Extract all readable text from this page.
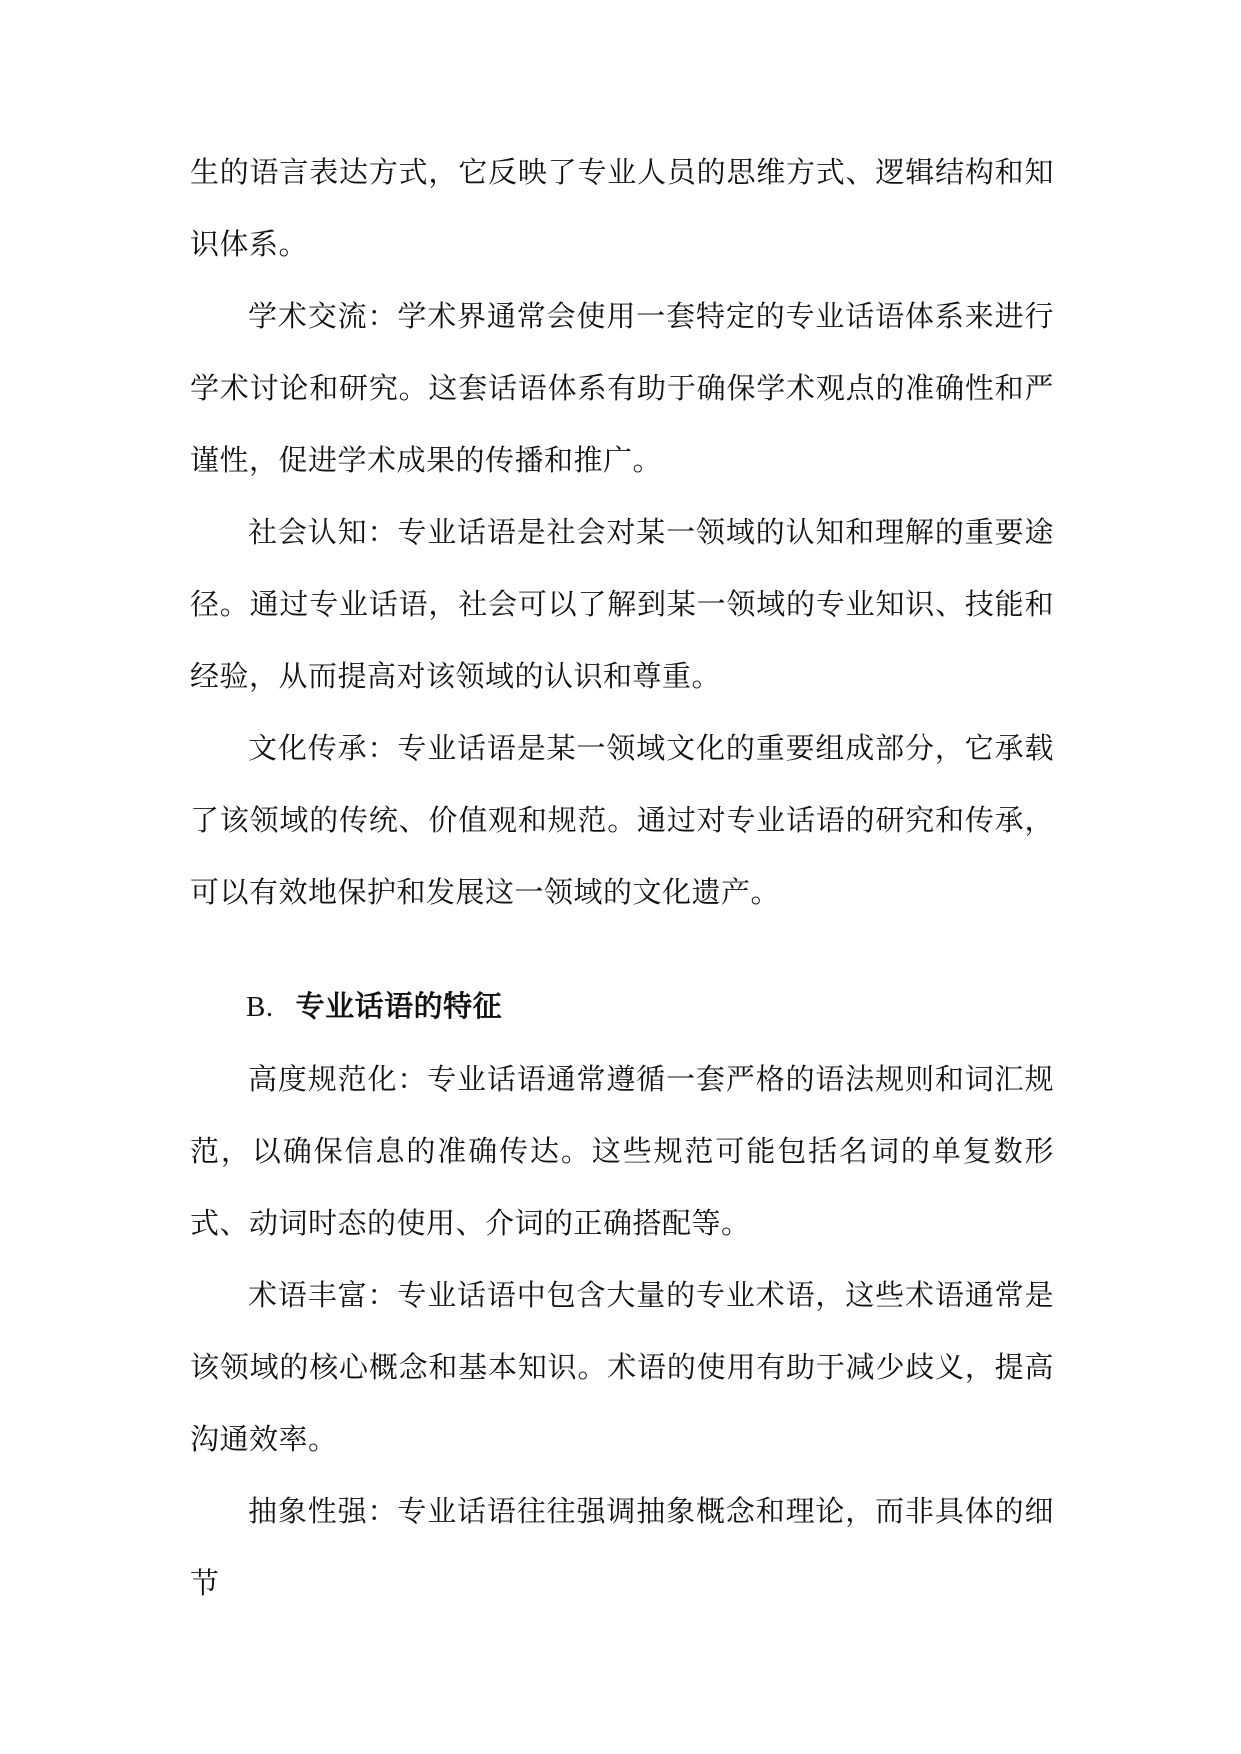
生的语言表达方式，它反映了专业人员的思维方式、逻辑结构和知识体系。

学术交流：学术界通常会使用一套特定的专业话语体系来进行学术讨论和研究。这套话语体系有助于确保学术观点的准确性和严谨性，促进学术成果的传播和推广。

社会认知：专业话语是社会对某一领域的认知和理解的重要途径。通过专业话语，社会可以了解到某一领域的专业知识、技能和经验，从而提高对该领域的认识和尊重。

文化传承：专业话语是某一领域文化的重要组成部分，它承载了该领域的传统、价值观和规范。通过对专业话语的研究和传承，可以有效地保护和发展这一领域的文化遗产。

B. 专业话语的特征

高度规范化：专业话语通常遵循一套严格的语法规则和词汇规范，以确保信息的准确传达。这些规范可能包括名词的单复数形式、动词时态的使用、介词的正确搭配等。

术语丰富：专业话语中包含大量的专业术语，这些术语通常是该领域的核心概念和基本知识。术语的使用有助于减少歧义，提高沟通效率。

抽象性强：专业话语往往强调抽象概念和理论，而非具体的细节
